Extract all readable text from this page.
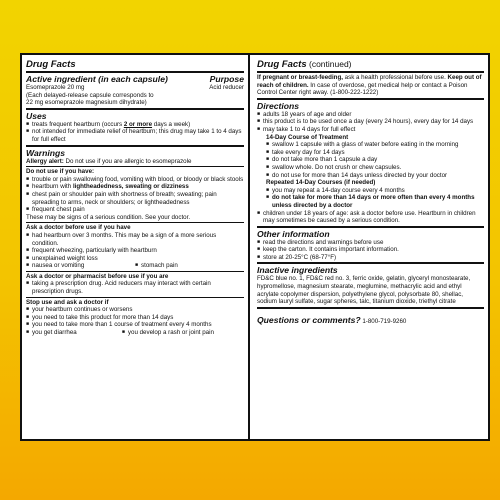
Drug Facts
Active ingredient (in each capsule)	Purpose
Esomeprazole 20 mg	Acid reducer
(Each delayed-release capsule corresponds to
22 mg esomeprazole magnesium dihydrate)
Uses
■ treats frequent heartburn (occurs 2 or more days a week)
■ not intended for immediate relief of heartburn; this drug may take 1 to 4 days for full effect
Warnings
Allergy alert: Do not use if you are allergic to esomeprazole
Do not use if you have:
■ trouble or pain swallowing food, vomiting with blood, or bloody or black stools
■ heartburn with lightheadedness, sweating or dizziness
■ chest pain or shoulder pain with shortness of breath; sweating; pain spreading to arms, neck or shoulders; or lightheadedness
■ frequent chest pain
These may be signs of a serious condition. See your doctor.
Ask a doctor before use if you have
■ had heartburn over 3 months. This may be a sign of a more serious condition.
■ frequent wheezing, particularly with heartburn
■ unexplained weight loss
■ nausea or vomiting	■ stomach pain
Ask a doctor or pharmacist before use if you are
■ taking a prescription drug. Acid reducers may interact with certain prescription drugs.
Stop use and ask a doctor if
■ your heartburn continues or worsens
■ you need to take this product for more than 14 days
■ you need to take more than 1 course of treatment every 4 months
■ you get diarrhea	■ you develop a rash or joint pain
Drug Facts (continued)
If pregnant or breast-feeding, ask a health professional before use. Keep out of reach of children. In case of overdose, get medical help or contact a Poison Control Center right away. (1-800-222-1222)
Directions
■ adults 18 years of age and older
■ this product is to be used once a day (every 24 hours), every day for 14 days
■ may take 1 to 4 days for full effect
14-Day Course of Treatment
■ swallow 1 capsule with a glass of water before eating in the morning
■ take every day for 14 days
■ do not take more than 1 capsule a day
■ swallow whole. Do not crush or chew capsules.
■ do not use for more than 14 days unless directed by your doctor
Repeated 14-Day Courses (if needed)
■ you may repeat a 14-day course every 4 months
■ do not take for more than 14 days or more often than every 4 months unless directed by a doctor
■ children under 18 years of age: ask a doctor before use. Heartburn in children may sometimes be caused by a serious condition.
Other information
■ read the directions and warnings before use
■ keep the carton. It contains important information.
■ store at 20-25°C (68-77°F)
Inactive ingredients
FD&C blue no. 1, FD&C red no. 3, ferric oxide, gelatin, glyceryl monostearate, hypromellose, magnesium stearate, meglumine, methacrylic acid and ethyl acrylate copolymer dispersion, polyethylene glycol, polysorbate 80, shellac, sodium lauryl sulfate, sugar spheres, talc, titanium dioxide, triethyl citrate
Questions or comments? 1-800-719-9260
